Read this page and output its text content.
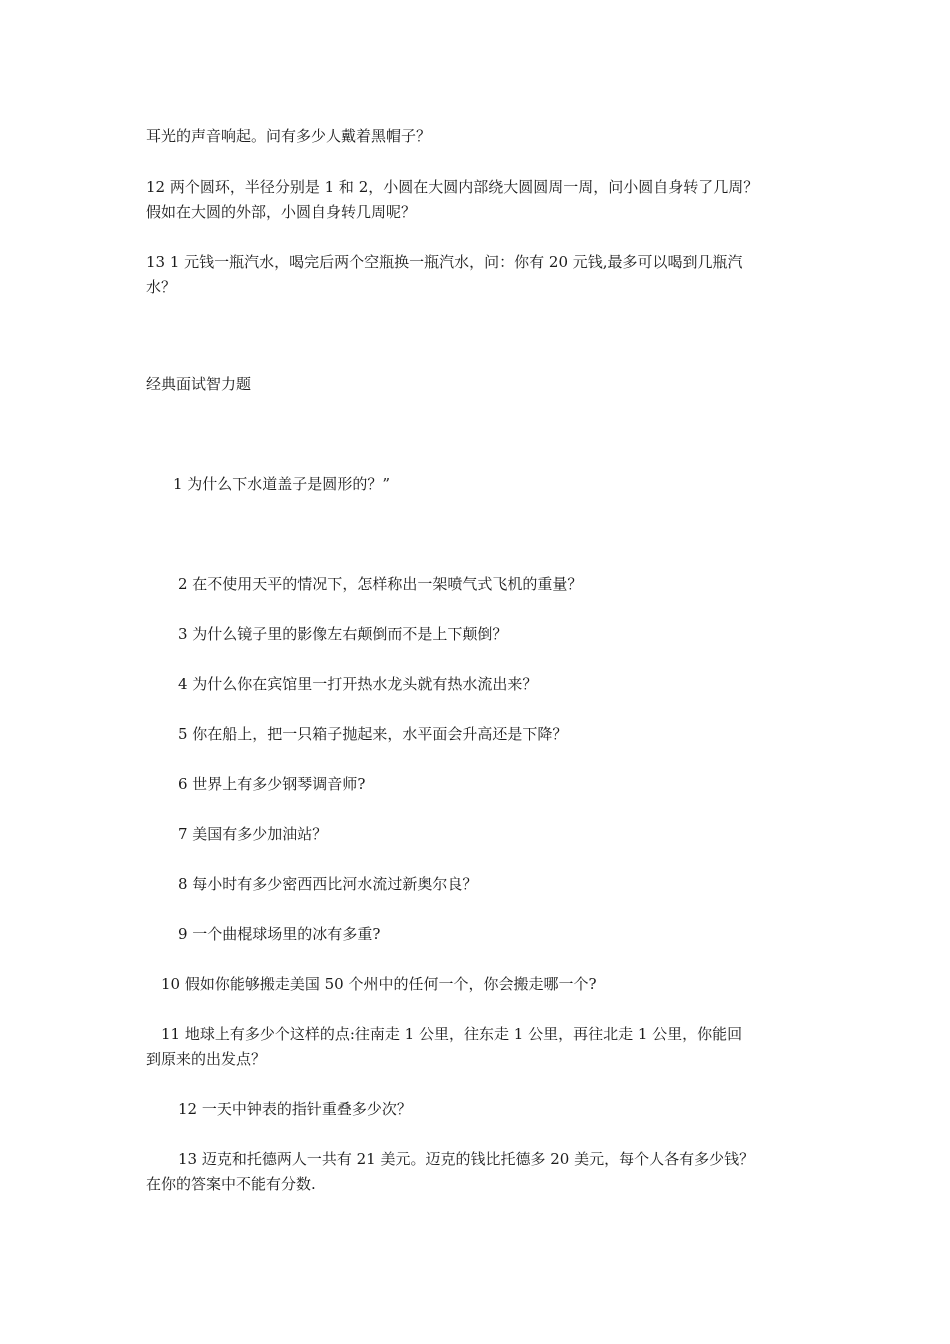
耳光的声音响起。问有多少人戴着黑帽子？
12 两个圆环，半径分别是 1 和 2，小圆在大圆内部绕大圆圆周一周，问小圆自身转了几周？
假如在大圆的外部，小圆自身转几周呢？
13 1 元钱一瓶汽水，喝完后两个空瓶换一瓶汽水，问：你有 20 元钱,最多可以喝到几瓶汽
水？
经典面试智力题
1 为什么下水道盖子是圆形的？”
2 在不使用天平的情况下，怎样称出一架喷气式飞机的重量？
3 为什么镜子里的影像左右颠倒而不是上下颠倒？
4 为什么你在宾馆里一打开热水龙头就有热水流出来？
5 你在船上，把一只箱子抛起来，水平面会升高还是下降？
6 世界上有多少钢琴调音师?
7 美国有多少加油站？
8 每小时有多少密西西比河水流过新奥尔良？
9 一个曲棍球场里的冰有多重?
10 假如你能够搬走美国 50 个州中的任何一个，你会搬走哪一个?
11 地球上有多少个这样的点:往南走 1 公里，往东走 1 公里，再往北走 1 公里，你能回
到原来的出发点？
12 一天中钟表的指针重叠多少次？
13 迈克和托德两人一共有 21 美元。迈克的钱比托德多 20 美元，每个人各有多少钱？
在你的答案中不能有分数.
